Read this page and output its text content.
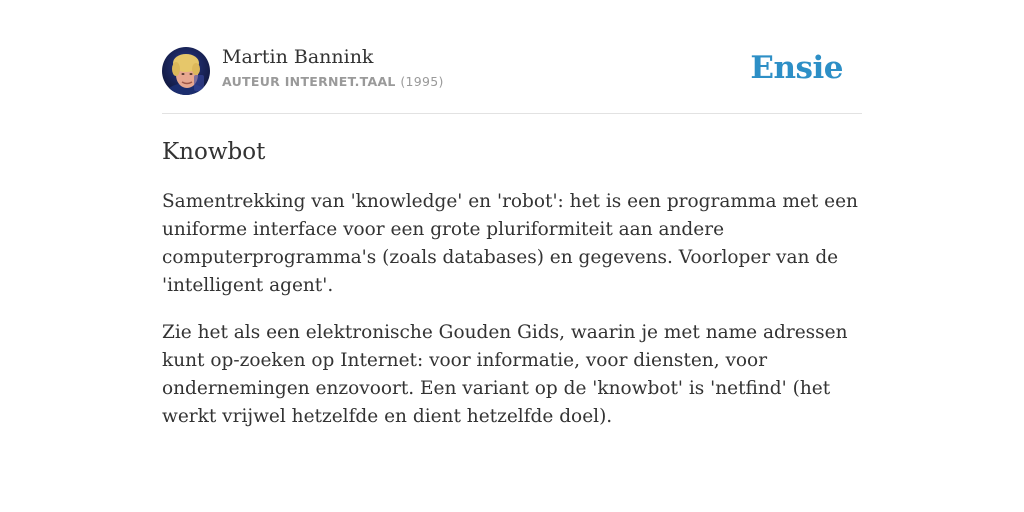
Martin Bannink
AUTEUR INTERNET.TAAL (1995)	Ensie
Knowbot

Samentrekking van 'knowledge' en 'robot': het is een programma met een uniforme interface voor een grote pluriformiteit aan andere computerprogramma's (zoals databases) en gegevens. Voorloper van de 'intelligent agent'.

Zie het als een elektronische Gouden Gids, waarin je met name adressen kunt op-zoeken op Internet: voor informatie, voor diensten, voor ondernemingen enzovoort. Een variant op de 'knowbot' is 'netfind' (het werkt vrijwel hetzelfde en dient hetzelfde doel).
